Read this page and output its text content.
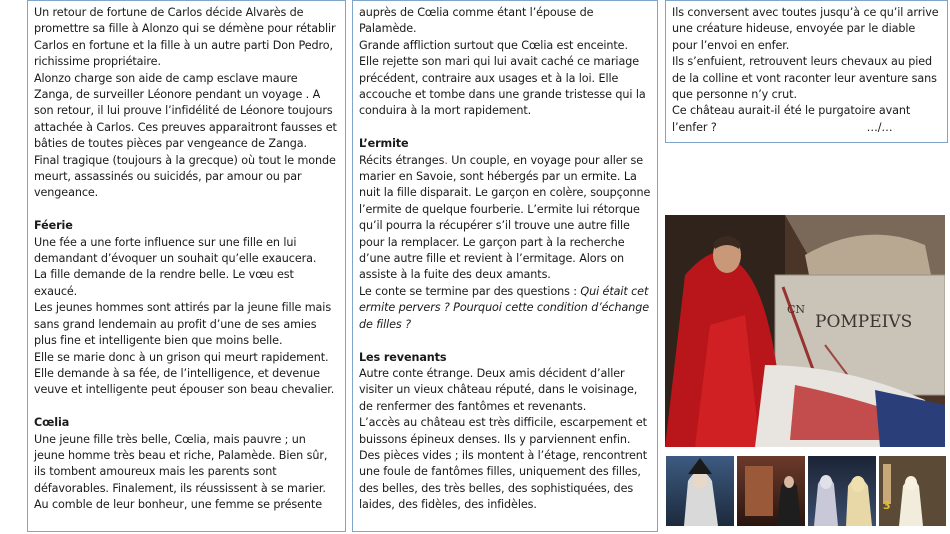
Un retour de fortune de Carlos décide Alvarès de promettre sa fille à Alonzo qui se démène pour rétablir Carlos en fortune et la fille à un autre parti Don Pedro, richissime propriétaire.

Alonzo charge son aide de camp esclave maure Zanga, de surveiller Léonore pendant un voyage . A son retour, il lui prouve l’infidélité de Léonore toujours attachée à Carlos. Ces preuves apparaitront fausses et bâties de toutes pièces par vengeance de Zanga.

Final tragique (toujours à la grecque) où tout le monde meurt, assassinés ou suicidés, par amour ou par vengeance.

Féerie

Une fée a une forte influence sur une fille en lui demandant d’évoquer un souhait qu’elle exaucera.

La fille demande de la rendre belle. Le vœu est exaucé.

Les jeunes hommes sont attirés par la jeune fille mais sans grand lendemain au profit d’une de ses amies plus fine et intelligente bien que moins belle.

Elle se marie donc à un grison qui meurt rapidement. Elle demande à sa fée, de l’intelligence, et devenue veuve et intelligente peut épouser son beau chevalier.

Cœlia

Une jeune fille très belle, Cœlia, mais pauvre ; un jeune homme très beau et riche, Palamède. Bien sûr, ils tombent amoureux mais les parents sont défavorables. Finalement, ils réussissent à se marier. Au comble de leur bonheur, une femme se présente

auprès de Cœlia comme étant l’épouse de Palamède.

Grande affliction surtout que Cœlia est enceinte. Elle rejette son mari qui lui avait caché ce mariage précédent, contraire aux usages et à la loi. Elle accouche et tombe dans une grande tristesse qui la conduira à la mort rapidement.

L’ermite

Récits étranges. Un couple, en voyage pour aller se marier en Savoie, sont hébergés par un ermite. La nuit la fille disparait. Le garçon en colère, soupçonne l’ermite de quelque fourberie. L’ermite lui rétorque qu’il pourra la récupérer s’il trouve une autre fille pour la remplacer. Le garçon part à la recherche d’une autre fille et revient à l’ermitage. Alors on assiste à la fuite des deux amants.

Le conte se termine par des questions : Qui était cet ermite pervers ? Pourquoi cette condition d’échange de filles ?

Les revenants

Autre conte étrange. Deux amis décident d’aller visiter un vieux château réputé, dans le voisinage, de renfermer des fantômes et revenants.

L’accès au château est très difficile, escarpement et buissons épineux denses. Ils y parviennent enfin. Des pièces vides ; ils montent à l’étage, rencontrent une foule de fantômes filles, uniquement des filles, des belles, des très belles, des sophistiquées, des laides, des fidèles, des infidèles.

Ils conversent avec toutes jusqu’à ce qu’il arrive une créature hideuse, envoyée par le diable pour l’envoi en enfer.

Ils s’enfuient, retrouvent leurs chevaux au pied de la colline et vont raconter leur aventure sans que personne n’y crut.

Ce château aurait-il été le purgatoire avant

l’enfer ?	…/…

CN
POMPEIVS
3
